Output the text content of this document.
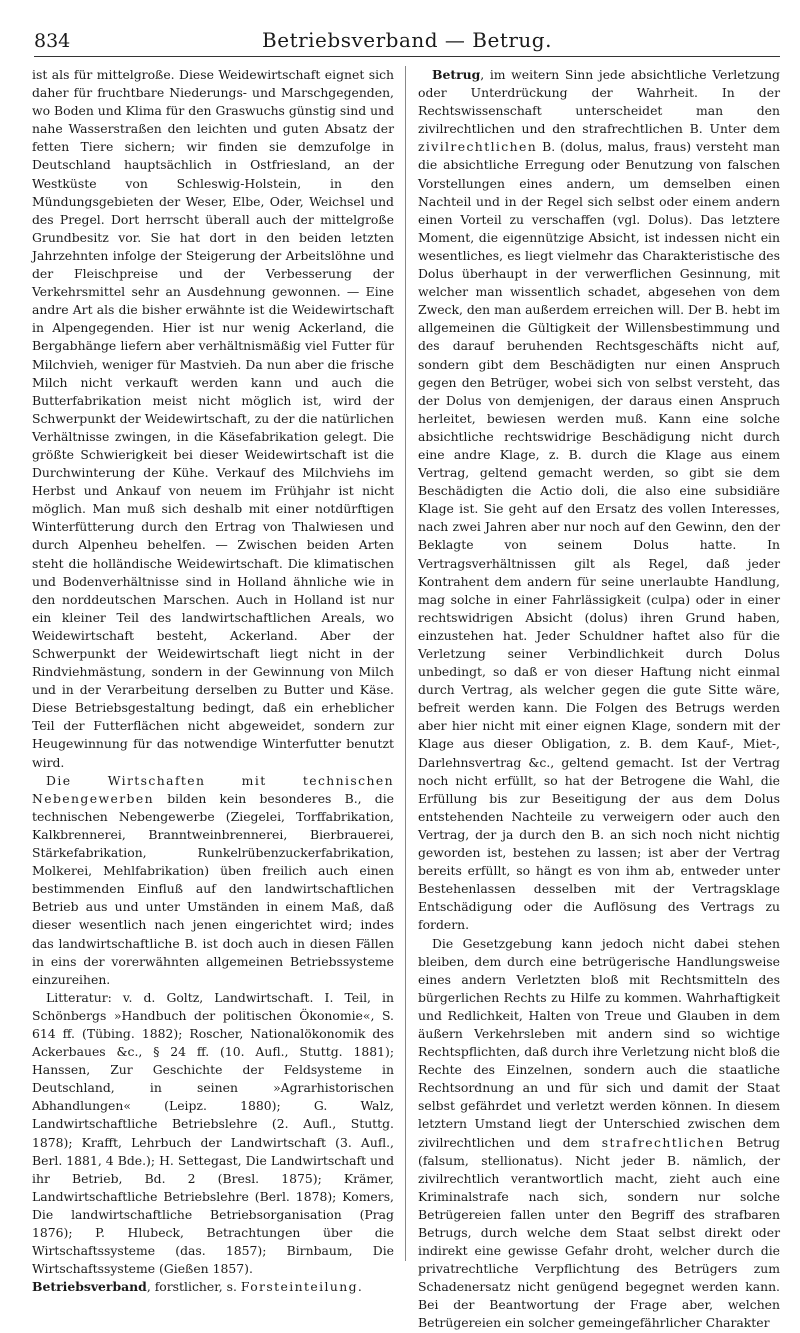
834	Betriebsverband — Betrug.

ist als für mittelgroße. Diese Weidewirtschaft eignet sich daher für fruchtbare Niederungs- und Marschgegenden, wo Boden und Klima für den Graswuchs günstig sind und nahe Wasserstraßen den leichten und guten Absatz der fetten Tiere sichern; wir finden sie demzufolge in Deutschland hauptsächlich in Ostfriesland, an der Westküste von Schleswig-Holstein, in den Mündungsgebieten der Weser, Elbe, Oder, Weichsel und des Pregel. Dort herrscht überall auch der mittelgroße Grundbesitz vor. Sie hat dort in den beiden letzten Jahrzehnten infolge der Steigerung der Arbeitslöhne und der Fleischpreise und der Verbesserung der Verkehrsmittel sehr an Ausdehnung gewonnen. — Eine andre Art als die bisher erwähnte ist die Weidewirtschaft in Alpengegenden. Hier ist nur wenig Ackerland, die Bergabhänge liefern aber verhältnismäßig viel Futter für Milchvieh, weniger für Mastvieh. Da nun aber die frische Milch nicht verkauft werden kann und auch die Butterfabrikation meist nicht möglich ist, wird der Schwerpunkt der Weidewirtschaft, zu der die natürlichen Verhältnisse zwingen, in die Käsefabrikation gelegt. Die größte Schwierigkeit bei dieser Weidewirtschaft ist die Durchwinterung der Kühe. Verkauf des Milchviehs im Herbst und Ankauf von neuem im Frühjahr ist nicht möglich. Man muß sich deshalb mit einer notdürftigen Winterfütterung durch den Ertrag von Thalwiesen und durch Alpenheu behelfen. — Zwischen beiden Arten steht die holländische Weidewirtschaft. Die klimatischen und Bodenverhältnisse sind in Holland ähnliche wie in den norddeutschen Marschen. Auch in Holland ist nur ein kleiner Teil des landwirtschaftlichen Areals, wo Weidewirtschaft besteht, Ackerland. Aber der Schwerpunkt der Weidewirtschaft liegt nicht in der Rindviehmästung, sondern in der Gewinnung von Milch und in der Verarbeitung derselben zu Butter und Käse. Diese Betriebsgestaltung bedingt, daß ein erheblicher Teil der Futterflächen nicht abgeweidet, sondern zur Heugewinnung für das notwendige Winterfutter benutzt wird.

Die Wirtschaften mit technischen Nebengewerben bilden kein besonderes B., die technischen Nebengewerbe (Ziegelei, Torffabrikation, Kalkbrennerei, Branntweinbrennerei, Bierbrauerei, Stärkefabrikation, Runkelrübenzuckerfabrikation, Molkerei, Mehlfabrikation) üben freilich auch einen bestimmenden Einfluß auf den landwirtschaftlichen Betrieb aus und unter Umständen in einem Maß, daß dieser wesentlich nach jenen eingerichtet wird; indes das landwirtschaftliche B. ist doch auch in diesen Fällen in eins der vorerwähnten allgemeinen Betriebssysteme einzureihen.

Litteratur: v. d. Goltz, Landwirtschaft. I. Teil, in Schönbergs »Handbuch der politischen Ökonomie«, S. 614 ff. (Tübing. 1882); Roscher, Nationalökonomik des Ackerbaues &c., § 24 ff. (10. Aufl., Stuttg. 1881); Hanssen, Zur Geschichte der Feldsysteme in Deutschland, in seinen »Agrarhistorischen Abhandlungen« (Leipz. 1880); G. Walz, Landwirtschaftliche Betriebslehre (2. Aufl., Stuttg. 1878); Krafft, Lehrbuch der Landwirtschaft (3. Aufl., Berl. 1881, 4 Bde.); H. Settegast, Die Landwirtschaft und ihr Betrieb, Bd. 2 (Bresl. 1875); Krämer, Landwirtschaftliche Betriebslehre (Berl. 1878); Komers, Die landwirtschaftliche Betriebsorganisation (Prag 1876); P. Hlubeck, Betrachtungen über die Wirtschaftssysteme (das. 1857); Birnbaum, Die Wirtschaftssysteme (Gießen 1857).

Betriebsverband, forstlicher, s. Forsteinteilung.

Betrug, im weitern Sinn jede absichtliche Verletzung oder Unterdrückung der Wahrheit. In der Rechtswissenschaft unterscheidet man den zivilrechtlichen und den strafrechtlichen B. Unter dem zivilrechtlichen B. (dolus, malus, fraus) versteht man die absichtliche Erregung oder Benutzung von falschen Vorstellungen eines andern, um demselben einen Nachteil und in der Regel sich selbst oder einem andern einen Vorteil zu verschaffen (vgl. Dolus). Das letztere Moment, die eigennützige Absicht, ist indessen nicht ein wesentliches, es liegt vielmehr das Charakteristische des Dolus überhaupt in der verwerflichen Gesinnung, mit welcher man wissentlich schadet, abgesehen von dem Zweck, den man außerdem erreichen will. Der B. hebt im allgemeinen die Gültigkeit der Willensbestimmung und des darauf beruhenden Rechtsgeschäfts nicht auf, sondern gibt dem Beschädigten nur einen Anspruch gegen den Betrüger, wobei sich von selbst versteht, das der Dolus von demjenigen, der daraus einen Anspruch herleitet, bewiesen werden muß. Kann eine solche absichtliche rechtswidrige Beschädigung nicht durch eine andre Klage, z. B. durch die Klage aus einem Vertrag, geltend gemacht werden, so gibt sie dem Beschädigten die Actio doli, die also eine subsidiäre Klage ist. Sie geht auf den Ersatz des vollen Interesses, nach zwei Jahren aber nur noch auf den Gewinn, den der Beklagte von seinem Dolus hatte. In Vertragsverhältnissen gilt als Regel, daß jeder Kontrahent dem andern für seine unerlaubte Handlung, mag solche in einer Fahrlässigkeit (culpa) oder in einer rechtswidrigen Absicht (dolus) ihren Grund haben, einzustehen hat. Jeder Schuldner haftet also für die Verletzung seiner Verbindlichkeit durch Dolus unbedingt, so daß er von dieser Haftung nicht einmal durch Vertrag, als welcher gegen die gute Sitte wäre, befreit werden kann. Die Folgen des Betrugs werden aber hier nicht mit einer eignen Klage, sondern mit der Klage aus dieser Obligation, z. B. dem Kauf-, Miet-, Darlehnsvertrag &c., geltend gemacht. Ist der Vertrag noch nicht erfüllt, so hat der Betrogene die Wahl, die Erfüllung bis zur Beseitigung der aus dem Dolus entstehenden Nachteile zu verweigern oder auch den Vertrag, der ja durch den B. an sich noch nicht nichtig geworden ist, bestehen zu lassen; ist aber der Vertrag bereits erfüllt, so hängt es von ihm ab, entweder unter Bestehenlassen desselben mit der Vertragsklage Entschädigung oder die Auflösung des Vertrags zu fordern.

Die Gesetzgebung kann jedoch nicht dabei stehen bleiben, dem durch eine betrügerische Handlungsweise eines andern Verletzten bloß mit Rechtsmitteln des bürgerlichen Rechts zu Hilfe zu kommen. Wahrhaftigkeit und Redlichkeit, Halten von Treue und Glauben in dem äußern Verkehrsleben mit andern sind so wichtige Rechtspflichten, daß durch ihre Verletzung nicht bloß die Rechte des Einzelnen, sondern auch die staatliche Rechtsordnung an und für sich und damit der Staat selbst gefährdet und verletzt werden können. In diesem letztern Umstand liegt der Unterschied zwischen dem zivilrechtlichen und dem strafrechtlichen Betrug (falsum, stellionatus). Nicht jeder B. nämlich, der zivilrechtlich verantwortlich macht, zieht auch eine Kriminalstrafe nach sich, sondern nur solche Betrügereien fallen unter den Begriff des strafbaren Betrugs, durch welche dem Staat selbst direkt oder indirekt eine gewisse Gefahr droht, welcher durch die privatrechtliche Verpflichtung des Betrügers zum Schadenersatz nicht genügend begegnet werden kann. Bei der Beantwortung der Frage aber, welchen Betrügereien ein solcher gemeingefährlicher Charakter
